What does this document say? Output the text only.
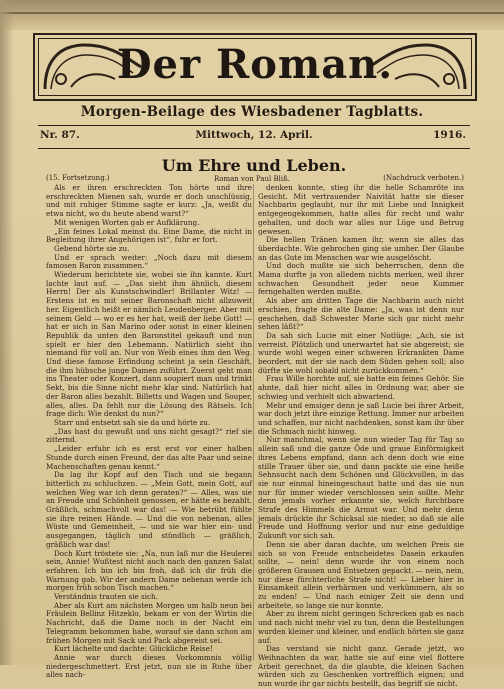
Der Roman.
Morgen-Beilage des Wiesbadener Tagblatts.
Nr. 87.	Mittwoch, 12. April.	1916.
Um Ehre und Leben.
(15. Fortsetzung.)	Roman von Paul Bliß.	(Nachdruck verboten.)

Als er ihren erschreckten Ton hörte und ihre erschreckten Mienen sah, wurde er doch unschlüssig, und mit ruhiger Stimme sagte er kurz: „Ja, weißt du etwa nicht, wo du heute abend warst?“

Mit wenigen Worten gab er Aufklärung.

„Ein feines Lokal meinst du. Eine Dame, die nicht in Begleitung ihrer Angehörigen ist“, fuhr er fort.

Gebend hörte sie zu.

Und er sprach weiter: „Noch dazu mit diesem famosen Baron zusammen.“

Wiederum berichtete sie, wobei sie ihn kannte. Kurt lachte laut auf. — „Das sieht ihm ähnlich, diesem Herrn! Der als Kunstschwindler! Brillanter Witz! — Erstens ist es mit seiner Baronschaft nicht allzuweit her. Eigentlich heißt er nämlich Leudenberger. Aber mit seinem Geld — wo er es her hat, weiß der liebe Gott! — hat er sich in San Marino oder sonst in einer kleinen Republik da unten den Baronstitel gekauft und nun spielt er hier den Lebemann. Natürlich sieht ihn niemand für voll an. Nur von Weib eines ihm den Weg. Und diese famose Erfindung scheint ja sein Geschäft, die ihm hübsche junge Damen zuführt. Zuerst geht man ins Theater oder Konzert, dann soupiert man und trinkt Sekt, bis die Sinne nicht mehr klar sind. Natürlich hat der Baron alles bezahlt. Billetts und Wagen und Souper, alles, alles. Da fehlt nur die Lösung des Rätsels. Ich frage dich: Wie denkst du nun?“

Starr und entsetzt sah sie da und hörte zu.

„Das hast du gewußt und uns nicht gesagt?“ rief sie zitternd.

„Leider erfuhr ich es erst erst vor einer halben Stunde durch einen Freund, der das alte Paar und seine Machenschaften genau kennt.“

Da lag ihr Kopf auf den Tisch und sie begann bitterlich zu schluchzen. — „Mein Gott, mein Gott, auf welchen Weg war ich denn geraten?“ — Alles, was sie an Freude und Schönheit genossen, er hätte es bezahlt. Gräßlich, schmachvoll war das! — Wie betrübt fühlte sie ihre reinen Hände. — Und die von nebenan, alles Wüste und Gemeinheit, — und sie war hier ein- und ausgegangen, täglich und stündlich — gräßlich, gräßlich war das!

Doch Kurt tröstete sie: „Na, nun laß nur die Heulerei sein, Annie! Wußtest nicht auch nach den ganzen Salat erfahren. Ich bin ich bin froh, daß ich dir früh die Warnung gab. Wir der andern Dame nebenan werde ich morgen früh schon Tisch machen.“

Verständnis trauten sie sich.

Aber als Kurt am nächsten Morgen um halb neun bei Fräulein Bellinz Hitzeklo, bekam er von der Wirtin die Nachricht, daß die Dame noch in der Nacht ein Telegramm bekommen habe, worauf sie dann schon am frühen Morgen mit Sack und Pack abgereist sei.

Kurt lächelte und dachte: Glückliche Reise!

Annie war durch dieses Vorkommnis völlig niedergeschmettert. Erst jetzt, nun sie in Ruhe über alles nach-

denken konnte, stieg ihr die helle Schamröte ins Gesicht. Mit vertrauender Naivität hatte sie dieser Nachbarin geglaubt, nur ihr mit Liebe und Innigkeit entgegengekommen, hatte alles für recht und wahr gehalten, und doch war alles nur Lüge und Betrug gewesen.

Die hellen Tränen kamen ihr, wenn sie alles das überdachte. Wie gebrochen ging sie umher. Der Glaube an das Gute im Menschen war wie ausgelöscht.

Und doch mußte sie sich beherrschen, denn die Mama durfte ja von alledem nichts merken, weil ihrer schwachen Gesundheit jeder neue Kummer ferngehalten werden mußte.

Als aber am dritten Tage die Nachbarin auch nicht erschien, fragte die alte Dame: „Ja, was ist denn nur geschehen, daß Schwester Marie sich gar nicht mehr sehen läßt?“

Da sah sich Lucie mit einer Notlüge: „Ach, sie ist verreist. Plötzlich und unerwartet hat sie abgereist; sie wurde wohl wegen einer schweren Erkrankten Dame beordert, mit der sie nach dem Süden gehen soll; also dürfte sie wohl sobald nicht zurückkommen.“

Frau Wille horchte auf, sie hatte ein feines Gehör. Sie ahnte, daß hier nicht alles in Ordnung war, aber sie schwieg und verhielt sich abwartend.

Mehr und emsiger denn je saß Lucie bei ihrer Arbeit, war doch jetzt ihre einzige Rettung. Immer nur arbeiten und schaffen, nur nicht nachdenken, sonst kam ihr über die Schmach nicht hinweg.

Nur manchmal, wenn sie nun wieder Tag für Tag so allein saß und die ganze Öde und graue Einförmigkeit ihres Lebens empfand, dann ach denn doch wie eine stille Trauer über sie, und dann packte sie eine heiße Sehnsucht nach dem Schönen und Glückvollen, in das sie nur einmal hineingeschaut hatte und das sie nun nur für immer wieder verschlossen sein sollte. Mehr denn jemals vorher erkannte sie, welch furchtbare Strafe des Himmels die Armut war. Und mehr denn jemals drückte ihr Schicksal sie nieder, so daß sie alle Freude und Hoffnung verlor und nur eine geduldige Zukunft vor sich sah.

Denn sie aber daran dachte, um welchen Preis sie sich so von Freude entscheidetes Dasein erkaufen sollte, — nein! denn wurde ihr von einem noch größeren Grausen und Entsetzen gepackt. — nein, nein, nur diese fürchterliche Strafe nicht! — Lieber hier in Einsamkeit allein verhärmen und verkümmern, als so zu enden! — Und nach einiger Zeit sie denn und arbeitete, so lange sie nur konnte.

Aber zu ihrem nicht geringen Schrecken gab es nach und nach nicht mehr viel zu tun, denn die Bestellungen wurden kleiner und kleiner, und endlich hörten sie ganz auf.

Das verstand sie nicht ganz. Gerade jetzt, wo Weihnachten da war, hatte sie auf eine viel flottere Arbeit gerechnet, da die glaubte, die kleinen Sachen würden sich zu Geschenken vortrefflich eignen; und nun wurde ihr gar nichts bestellt, das begriff sie nicht.
